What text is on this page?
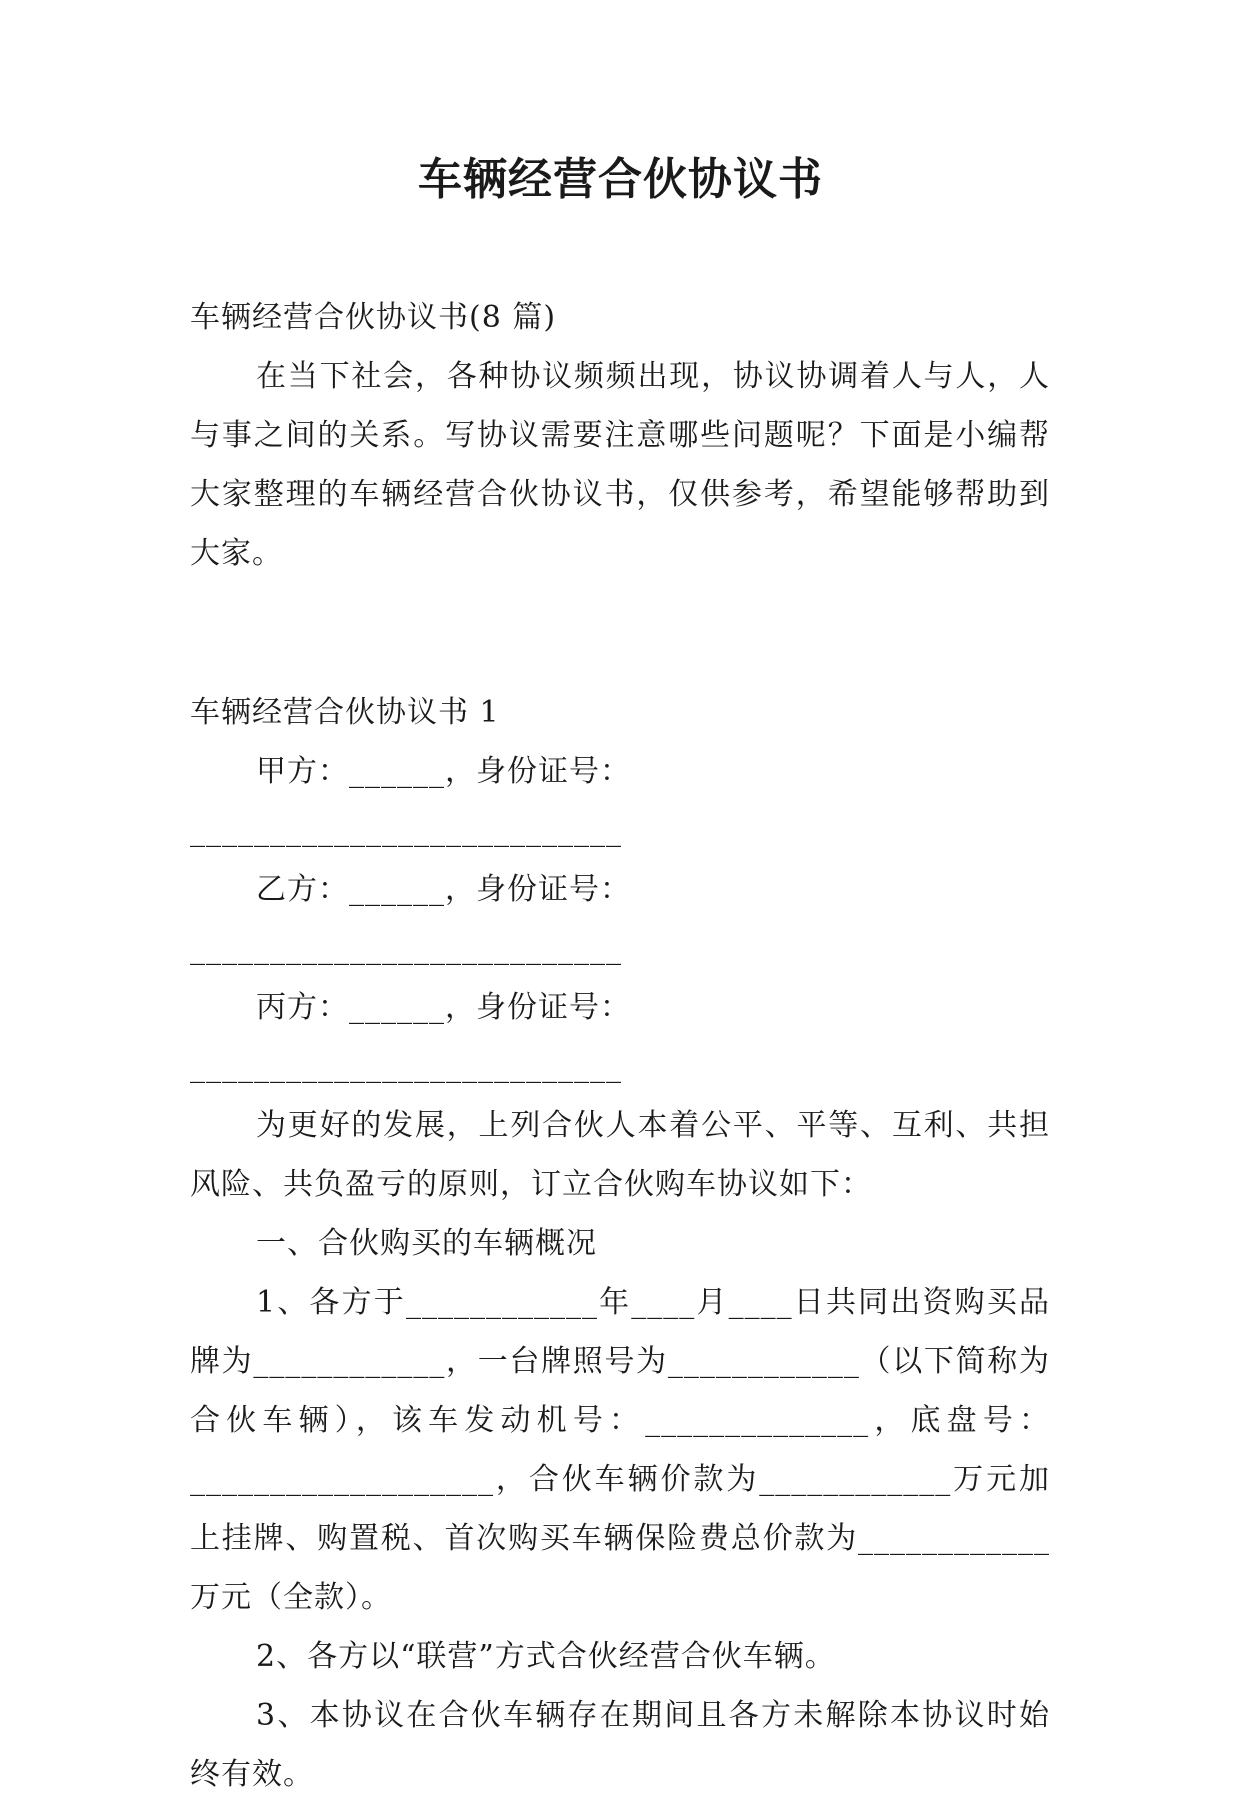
车辆经营合伙协议书

车辆经营合伙协议书(8 篇)

在当下社会，各种协议频频出现，协议协调着人与人，人与事之间的关系。写协议需要注意哪些问题呢？下面是小编帮大家整理的车辆经营合伙协议书，仅供参考，希望能够帮助到大家。

车辆经营合伙协议书 1

甲方：______，身份证号：___________________________

乙方：______，身份证号：___________________________

丙方：______，身份证号：___________________________

为更好的发展，上列合伙人本着公平、平等、互利、共担风险、共负盈亏的原则，订立合伙购车协议如下：

一、合伙购买的车辆概况

1、各方于____________年____月____日共同出资购买品牌为____________，一台牌照号为____________（以下简称为合伙车辆），该车发动机号：______________，底盘号：___________________，合伙车辆价款为____________万元加上挂牌、购置税、首次购买车辆保险费总价款为____________万元（全款）。

2、各方以“联营”方式合伙经营合伙车辆。

3、本协议在合伙车辆存在期间且各方未解除本协议时始终有效。
